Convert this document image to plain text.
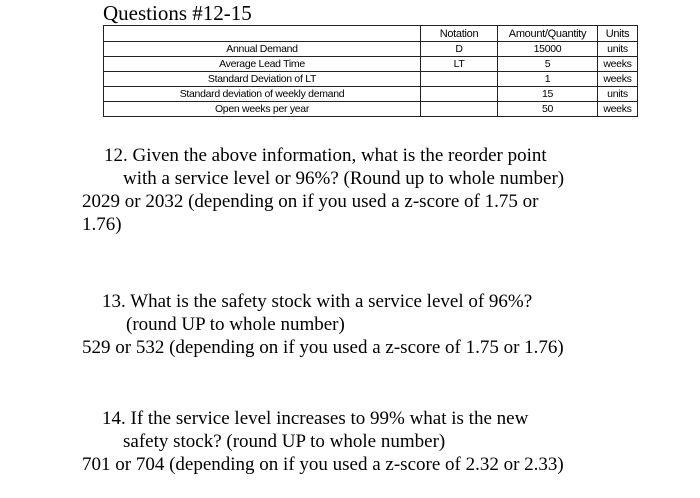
Questions #12-15
	Notation	Amount/Quantity	Units
Annual Demand	D	15000	units
Average Lead Time	LT	5	weeks
Standard Deviation of LT		1	weeks
Standard deviation of weekly demand		15	units
Open weeks per year		50	weeks
12. Given the above information, what is the reorder point
with a service level or 96%? (Round up to whole number)
2029 or 2032 (depending on if you used a z-score of 1.75 or
1.76)
13. What is the safety stock with a service level of 96%?
(round UP to whole number)
529 or 532 (depending on if you used a z-score of 1.75 or 1.76)
14. If the service level increases to 99% what is the new
safety stock? (round UP to whole number)
701 or 704 (depending on if you used a z-score of 2.32 or 2.33)
